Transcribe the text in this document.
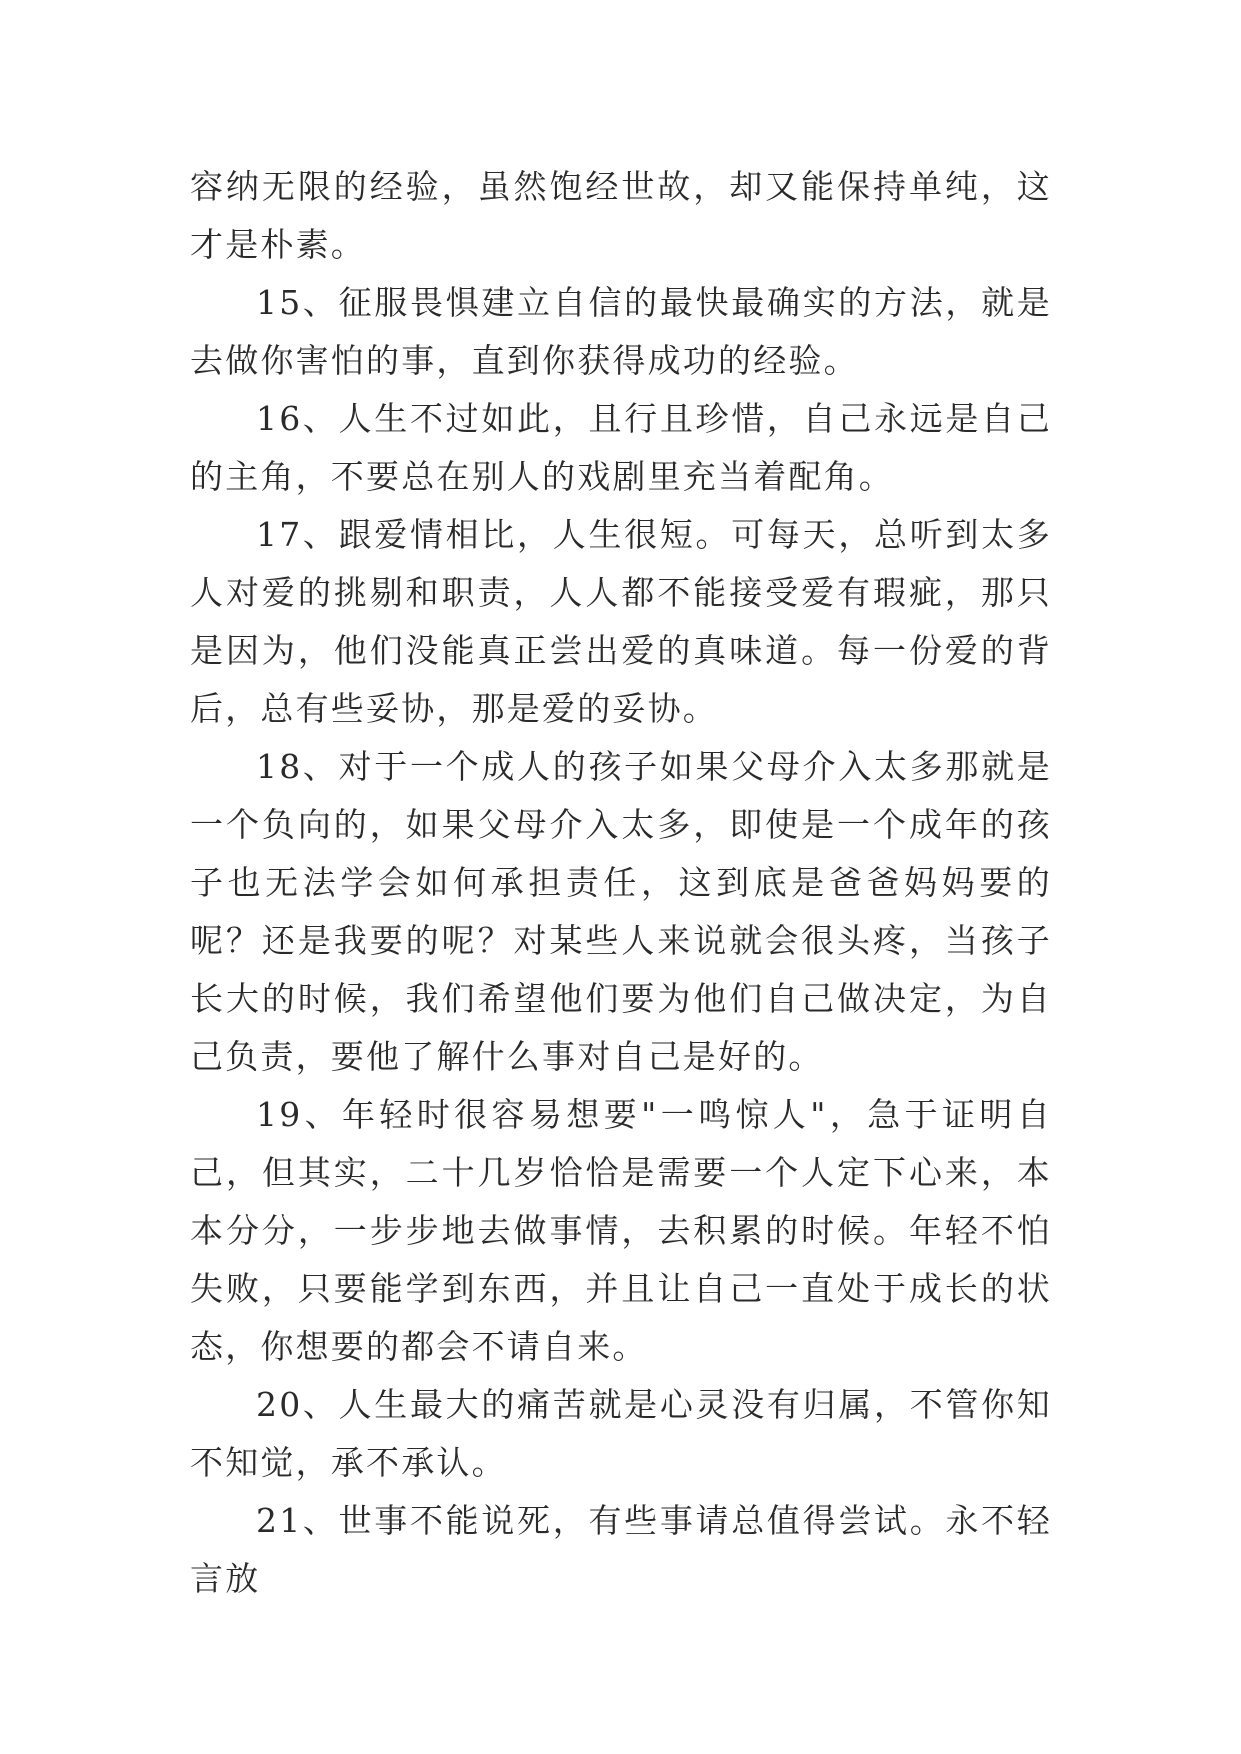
容纳无限的经验，虽然饱经世故，却又能保持单纯，这才是朴素。

15、征服畏惧建立自信的最快最确实的方法，就是去做你害怕的事，直到你获得成功的经验。

16、人生不过如此，且行且珍惜，自己永远是自己的主角，不要总在别人的戏剧里充当着配角。

17、跟爱情相比，人生很短。可每天，总听到太多人对爱的挑剔和职责，人人都不能接受爱有瑕疵，那只是因为，他们没能真正尝出爱的真味道。每一份爱的背后，总有些妥协，那是爱的妥协。

18、对于一个成人的孩子如果父母介入太多那就是一个负向的，如果父母介入太多，即使是一个成年的孩子也无法学会如何承担责任，这到底是爸爸妈妈要的呢？还是我要的呢？对某些人来说就会很头疼，当孩子长大的时候，我们希望他们要为他们自己做决定，为自己负责，要他了解什么事对自己是好的。

19、年轻时很容易想要"一鸣惊人"，急于证明自己，但其实，二十几岁恰恰是需要一个人定下心来，本本分分，一步步地去做事情，去积累的时候。年轻不怕失败，只要能学到东西，并且让自己一直处于成长的状态，你想要的都会不请自来。

20、人生最大的痛苦就是心灵没有归属，不管你知不知觉，承不承认。

21、世事不能说死，有些事请总值得尝试。永不轻言放
